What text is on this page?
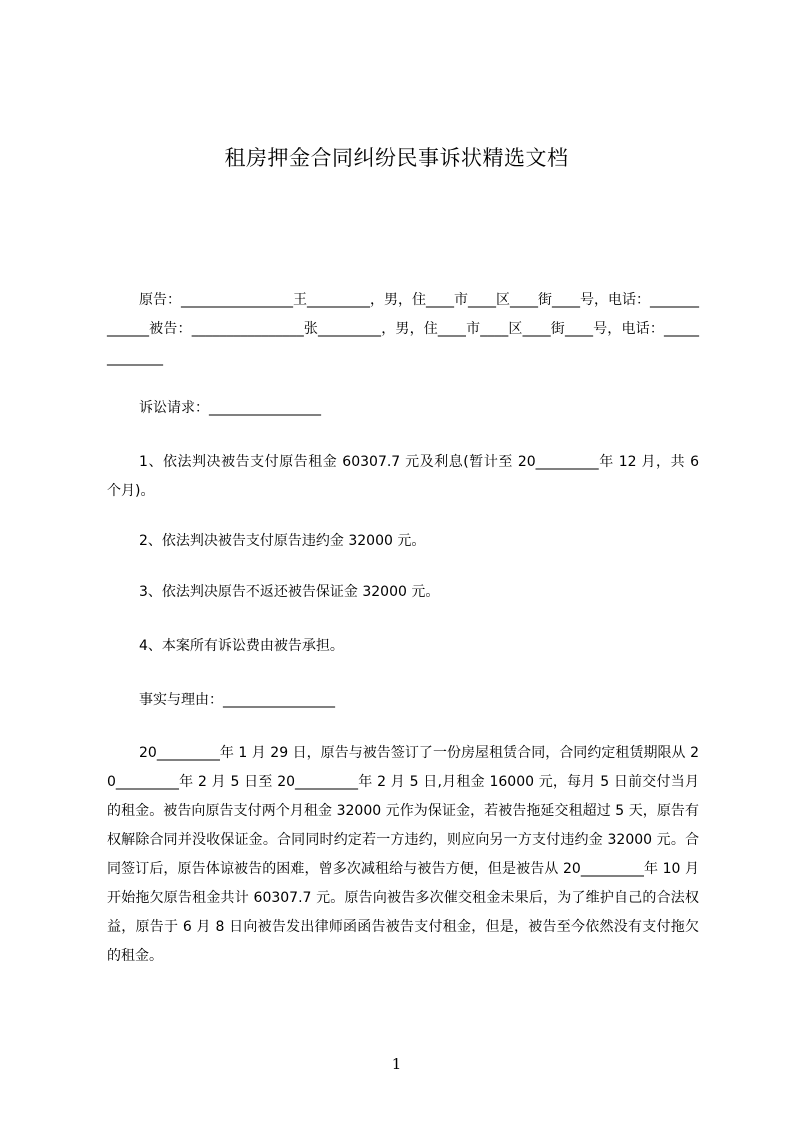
租房押金合同纠纷民事诉状精选文档
原告：________________王_________，男，住____市____区____街____号，电话：_____________被告：________________张_________，男，住____市____区____街____号，电话：_____________
诉讼请求：________________
1、依法判决被告支付原告租金 60307.7 元及利息(暂计至 20_________年 12 月，共 6 个月)。
2、依法判决被告支付原告违约金 32000 元。
3、依法判决原告不返还被告保证金 32000 元。
4、本案所有诉讼费由被告承担。
事实与理由：________________
20_________年 1 月 29 日，原告与被告签订了一份房屋租赁合同，合同约定租赁期限从 20_________年 2 月 5 日至 20_________年 2 月 5 日,月租金 16000 元，每月 5 日前交付当月的租金。被告向原告支付两个月租金 32000 元作为保证金，若被告拖延交租超过 5 天，原告有权解除合同并没收保证金。合同同时约定若一方违约，则应向另一方支付违约金 32000 元。合同签订后，原告体谅被告的困难，曾多次减租给与被告方便，但是被告从 20_________年 10 月开始拖欠原告租金共计 60307.7 元。原告向被告多次催交租金未果后，为了维护自己的合法权益，原告于 6 月 8 日向被告发出律师函函告被告支付租金，但是，被告至今依然没有支付拖欠的租金。
1
